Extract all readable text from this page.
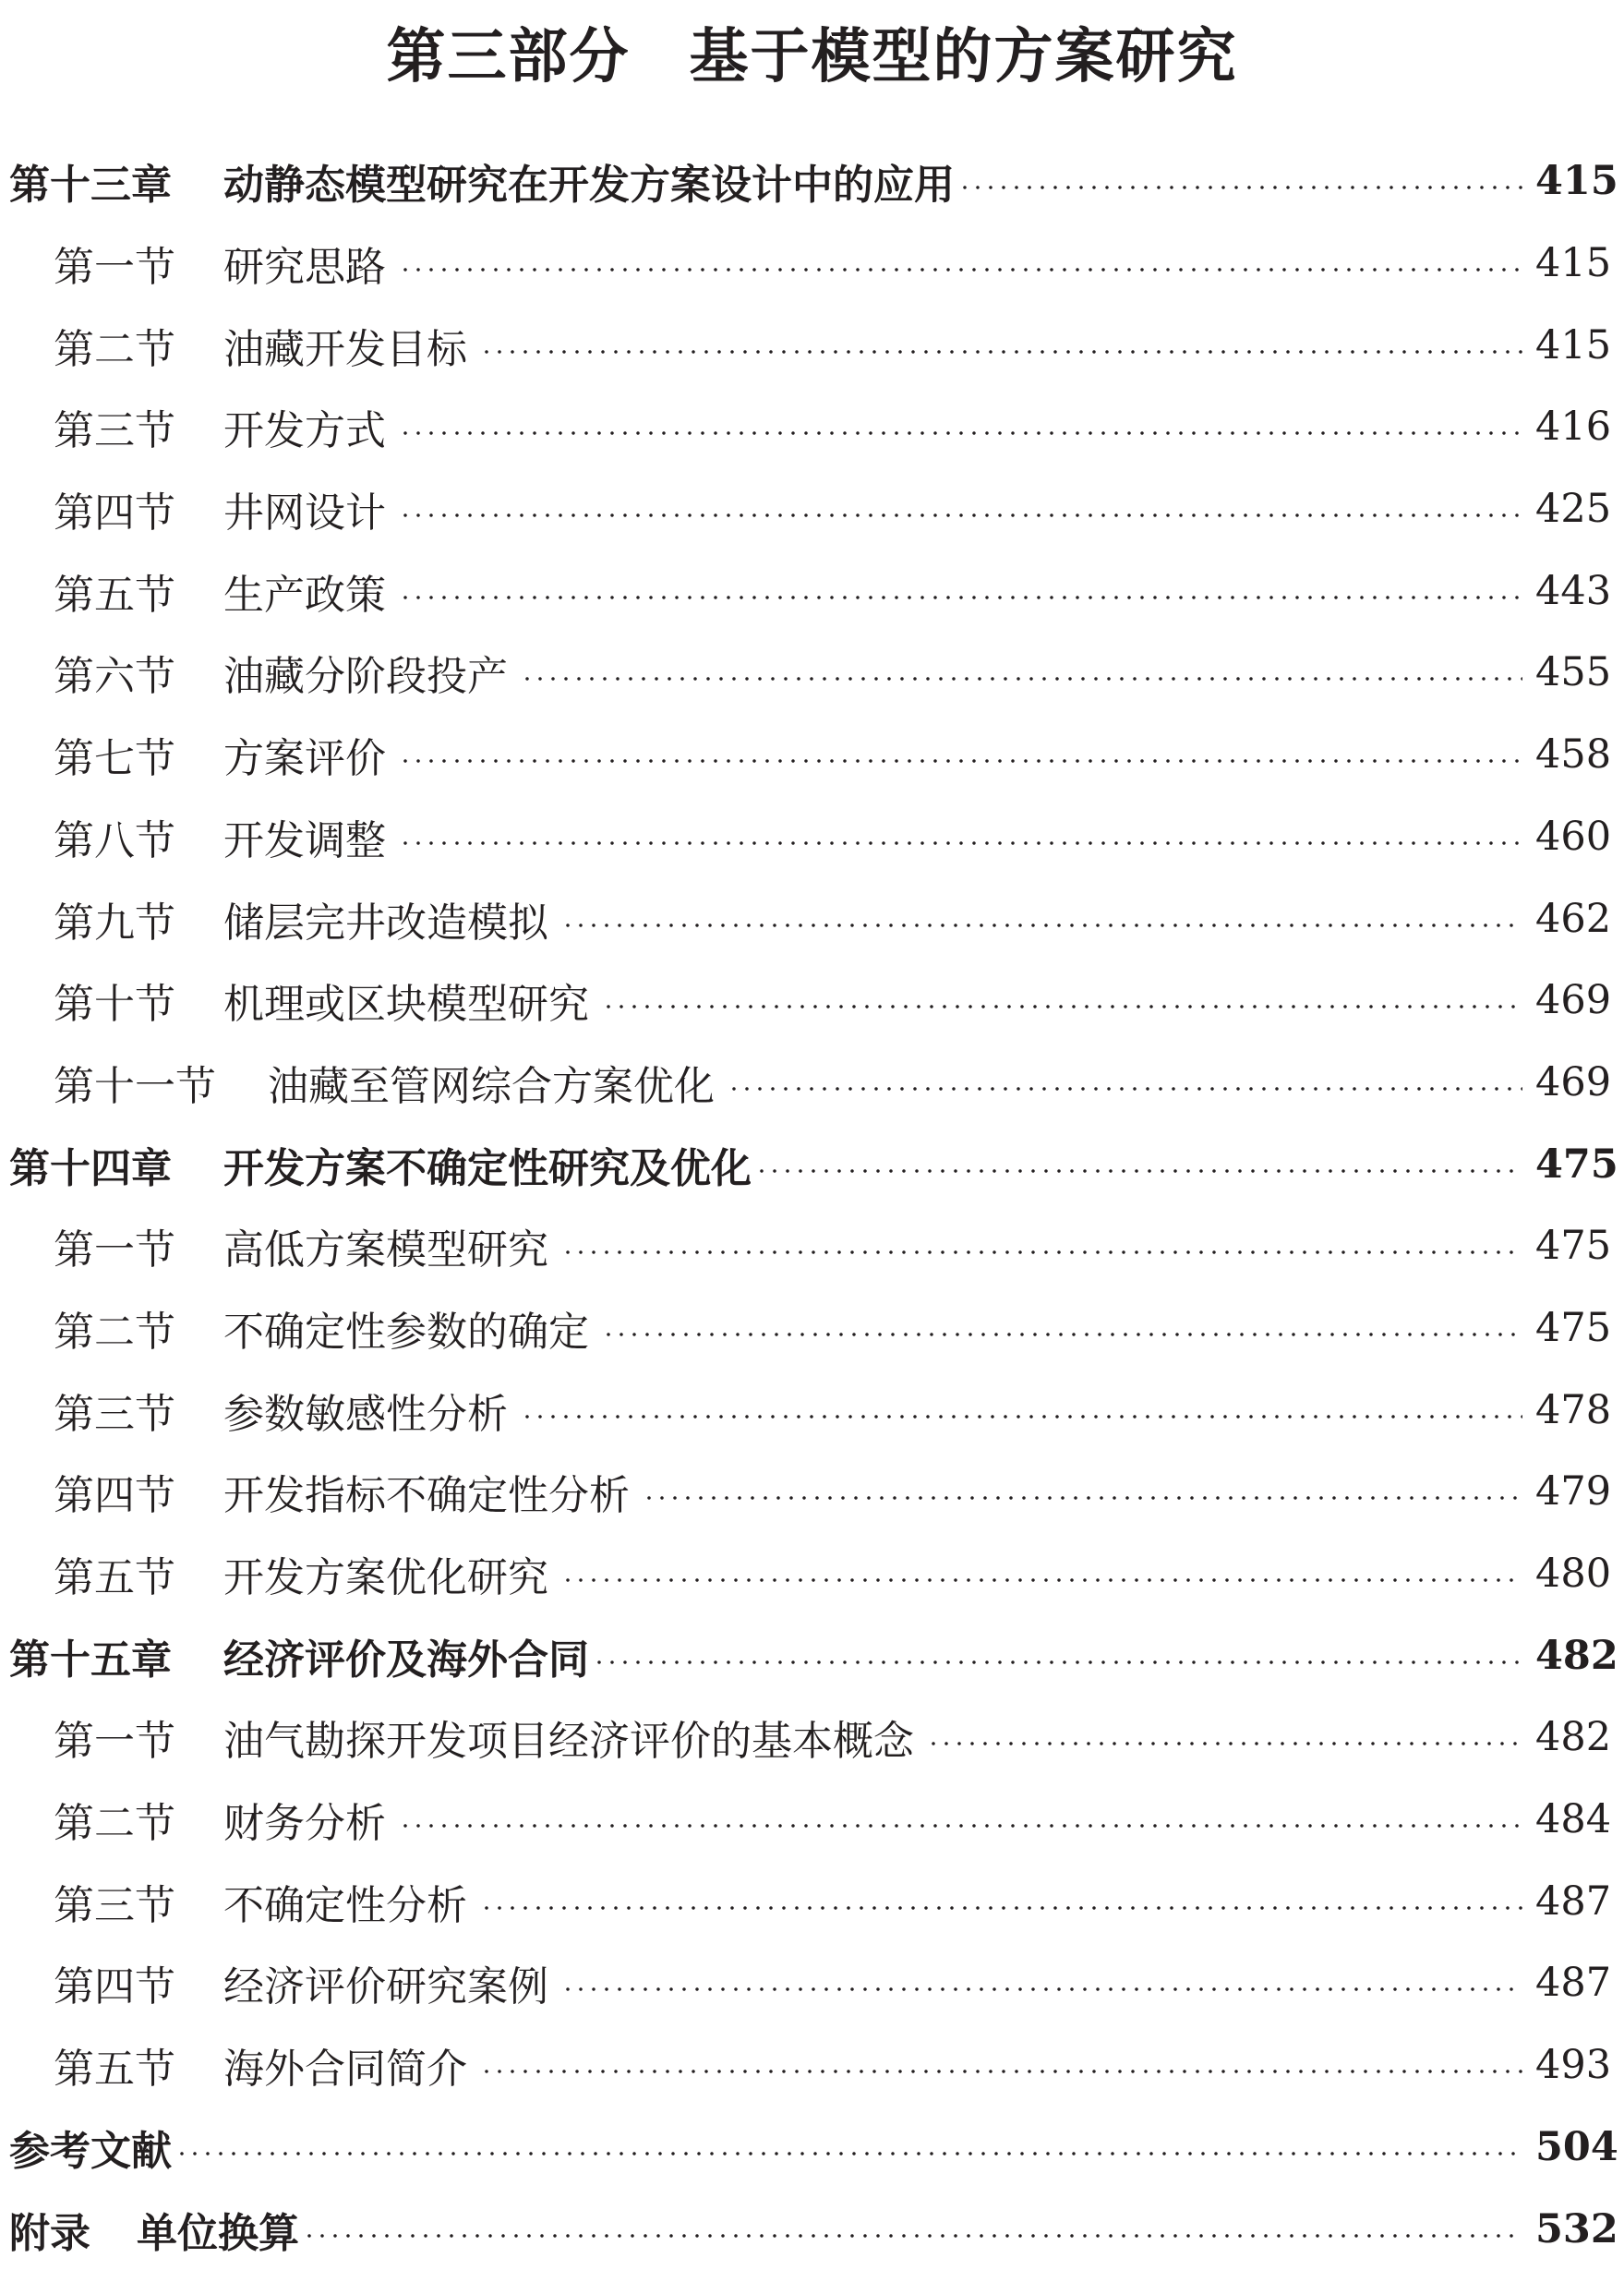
第三部分 基于模型的方案研究
第十三章	动静态模型研究在开发方案设计中的应用	415
第一节	研究思路	415
第二节	油藏开发目标	415
第三节	开发方式	416
第四节	井网设计	425
第五节	生产政策	443
第六节	油藏分阶段投产	455
第七节	方案评价	458
第八节	开发调整	460
第九节	储层完井改造模拟	462
第十节	机理或区块模型研究	469
第十一节	油藏至管网综合方案优化	469
第十四章	开发方案不确定性研究及优化	475
第一节	高低方案模型研究	475
第二节	不确定性参数的确定	475
第三节	参数敏感性分析	478
第四节	开发指标不确定性分析	479
第五节	开发方案优化研究	480
第十五章	经济评价及海外合同	482
第一节	油气勘探开发项目经济评价的基本概念	482
第二节	财务分析	484
第三节	不确定性分析	487
第四节	经济评价研究案例	487
第五节	海外合同简介	493
参考文献	504
附录	单位换算	532
